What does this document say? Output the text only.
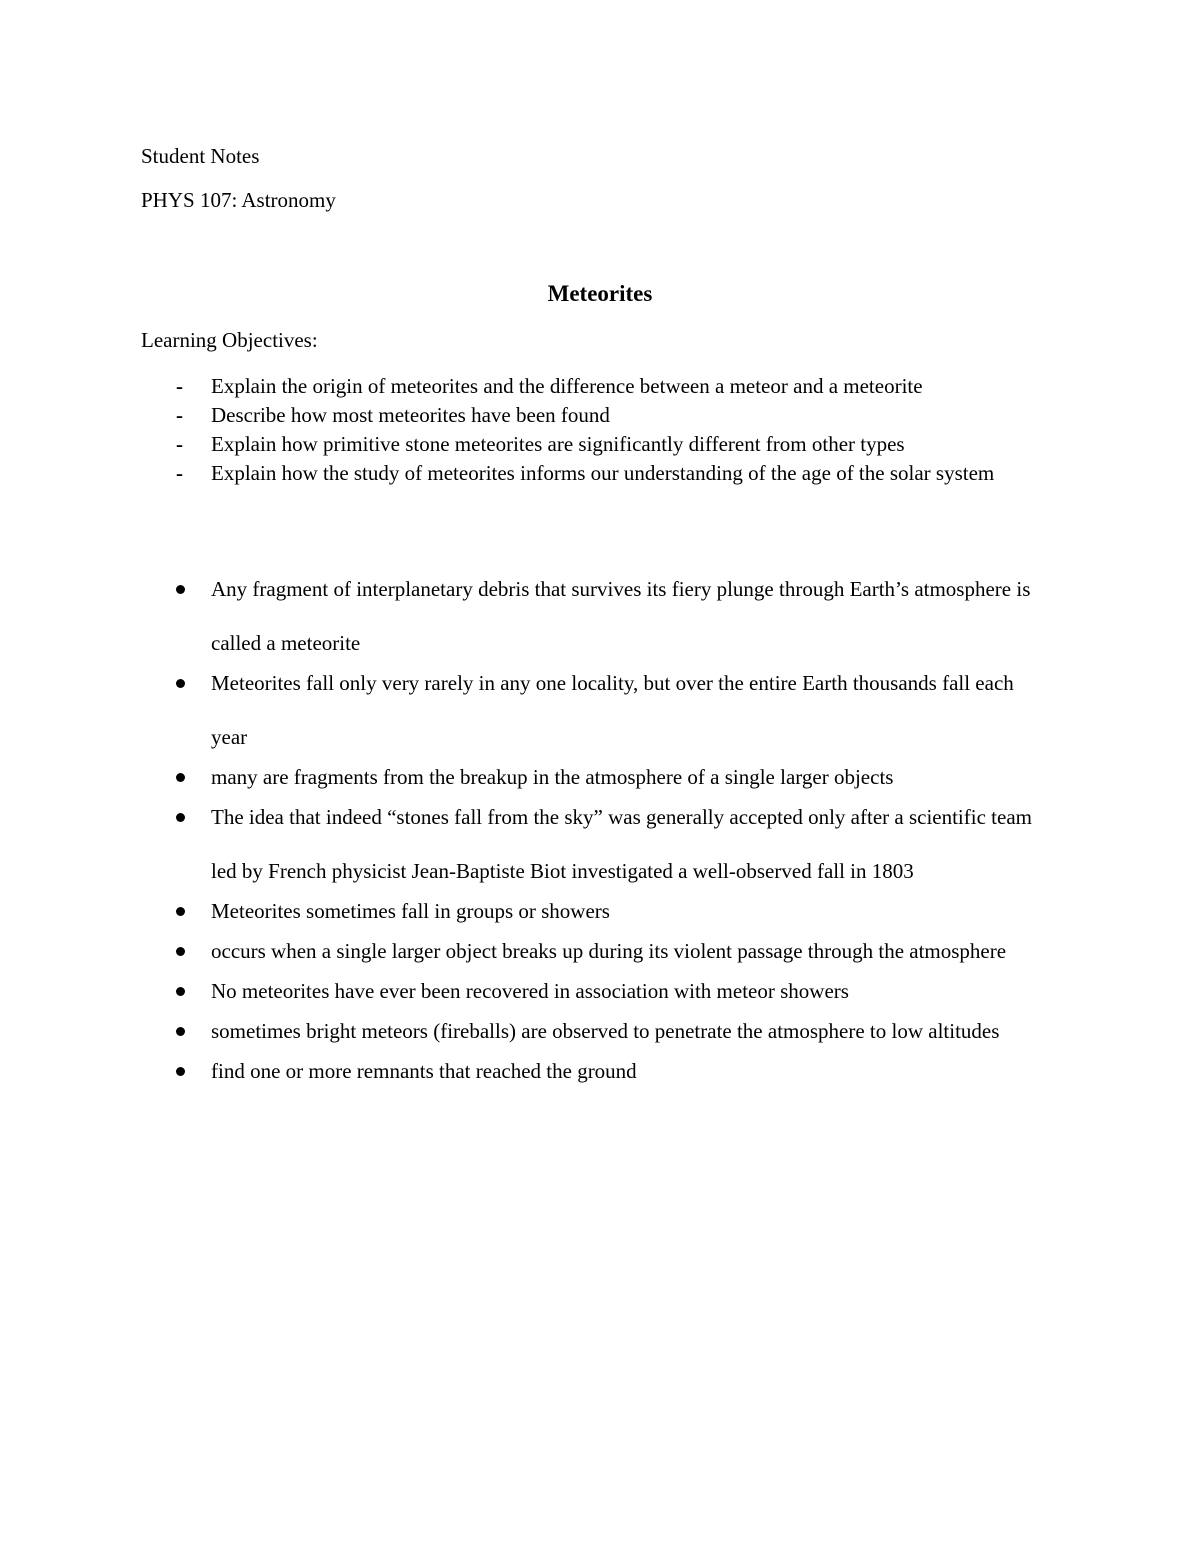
Student Notes
PHYS 107: Astronomy
Meteorites
Learning Objectives:
- Explain the origin of meteorites and the difference between a meteor and a meteorite
- Describe how most meteorites have been found
- Explain how primitive stone meteorites are significantly different from other types
- Explain how the study of meteorites informs our understanding of the age of the solar system
Any fragment of interplanetary debris that survives its fiery plunge through Earth’s atmosphere is called a meteorite
Meteorites fall only very rarely in any one locality, but over the entire Earth thousands fall each year
many are fragments from the breakup in the atmosphere of a single larger objects
The idea that indeed “stones fall from the sky” was generally accepted only after a scientific team led by French physicist Jean-Baptiste Biot investigated a well-observed fall in 1803
Meteorites sometimes fall in groups or showers
occurs when a single larger object breaks up during its violent passage through the atmosphere
No meteorites have ever been recovered in association with meteor showers
sometimes bright meteors (fireballs) are observed to penetrate the atmosphere to low altitudes
find one or more remnants that reached the ground
